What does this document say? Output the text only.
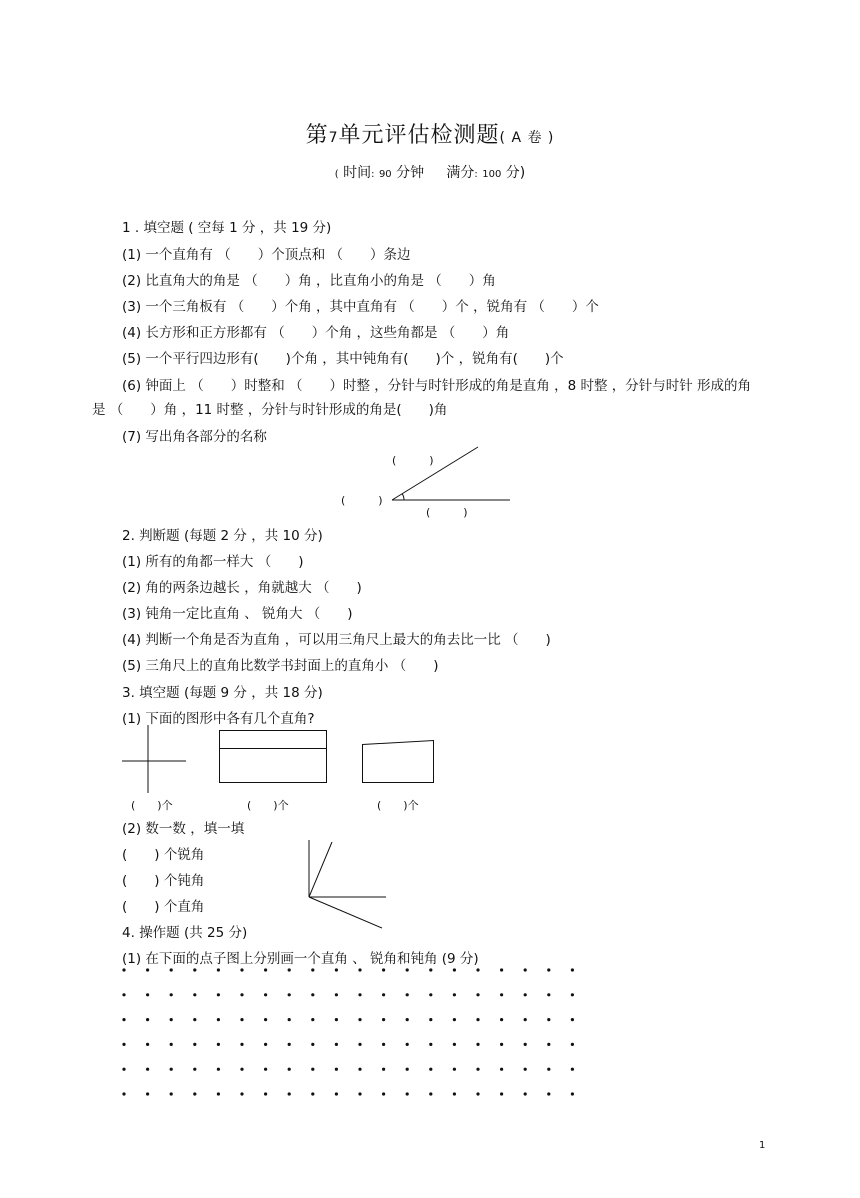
第7单元评估检测题( A 卷 )
( 时间: 90 分钟 满分: 100 分)
1 . 填空题 ( 空每 1 分 ，共 19 分)
(1) 一个直角有 （　　）个顶点和 （　　）条边
(2) 比直角大的角是 （　　）角 ，比直角小的角是 （　　）角
(3) 一个三角板有 （　　）个角 ，其中直角有 （　　）个 ，锐角有 （　　）个
(4) 长方形和正方形都有 （　　）个角 ，这些角都是 （　　）角
(5) 一个平行四边形有(　　)个角 ，其中钝角有(　　)个 ，锐角有(　　)个
(6) 钟面上 （　　）时整和 （　　）时整 ，分针与时针形成的角是直角 ，8 时整 ，分针与时针 形成的角
是 （　　）角 ，11 时整 ，分针与时针形成的角是(　　)角
(7) 写出角各部分的名称
(　　　)
(　　　)
(　　　)
2. 判断题 (每题 2 分 ，共 10 分)
(1) 所有的角都一样大 （　　)
(2) 角的两条边越长 ，角就越大 （　　)
(3) 钝角一定比直角 、 锐角大 （　　)
(4) 判断一个角是否为直角 ，可以用三角尺上最大的角去比一比 （　　)
(5) 三角尺上的直角比数学书封面上的直角小 （　　)
3. 填空题 (每题 9 分 ，共 18 分)
(1) 下面的图形中各有几个直角?
(　　)个	(　　)个	(　　)个
(2) 数一数 ，填一填
(　　) 个锐角
(　　) 个钝角
(　　) 个直角
4. 操作题 (共 25 分)
(1) 在下面的点子图上分别画一个直角 、 锐角和钝角 (9 分)
1
